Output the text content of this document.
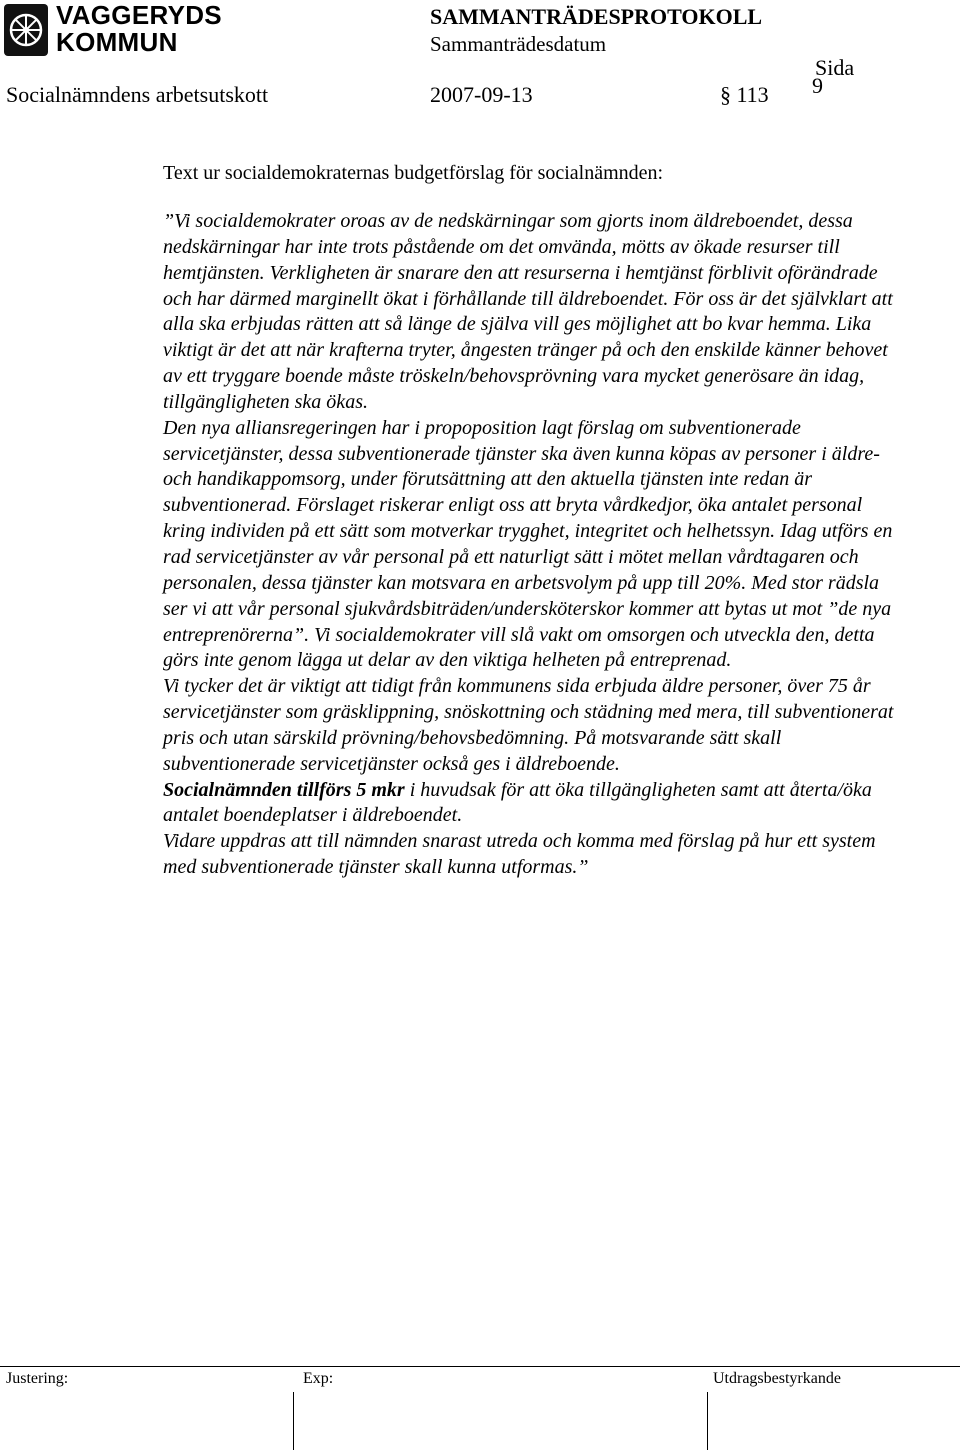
VAGGERYDS
KOMMUN
SAMMANTRÄDESPROTOKOLL
Sammanträdesdatum
Sida
9
Socialnämndens arbetsutskott	2007-09-13	§ 113
Text ur socialdemokraternas budgetförslag för socialnämnden:

”Vi socialdemokrater oroas av de nedskärningar som gjorts inom äldreboendet, dessa nedskärningar har inte trots påstående om det omvända, mötts av ökade resurser till hemtjänsten. Verkligheten är snarare den att resurserna i hemtjänst förblivit oförändrade och har därmed marginellt ökat i förhållande till äldreboendet. För oss är det självklart att alla ska erbjudas rätten att så länge de själva vill ges möjlighet att bo kvar hemma. Lika viktigt är det att när krafterna tryter, ångesten tränger på och den enskilde känner behovet av ett tryggare boende måste tröskeln/behovsprövning vara mycket generösare än idag, tillgängligheten ska ökas.

Den nya alliansregeringen har i propoposition lagt förslag om subventionerade servicetjänster, dessa subventionerade tjänster ska även kunna köpas av personer i äldre- och handikappomsorg, under förutsättning att den aktuella tjänsten inte redan är subventionerad. Förslaget riskerar enligt oss att bryta vårdkedjor, öka antalet personal kring individen på ett sätt som motverkar trygghet, integritet och helhetssyn. Idag utförs en rad servicetjänster av vår personal på ett naturligt sätt i mötet mellan vårdtagaren och personalen, dessa tjänster kan motsvara en arbetsvolym på upp till 20%. Med stor rädsla ser vi att vår personal sjukvårdsbiträden/undersköterskor kommer att bytas ut mot ”de nya entreprenörerna”. Vi socialdemokrater vill slå vakt om omsorgen och utveckla den, detta görs inte genom lägga ut delar av den viktiga helheten på entreprenad.

Vi tycker det är viktigt att tidigt från kommunens sida erbjuda äldre personer, över 75 år servicetjänster som gräsklippning, snöskottning och städning med mera, till subventionerat pris och utan särskild prövning/behovsbedömning. På motsvarande sätt skall subventionerade servicetjänster också ges i äldreboende.

Socialnämnden tillförs 5 mkr i huvudsak för att öka tillgängligheten samt att återta/öka antalet boendeplatser i äldreboendet.

Vidare uppdras att till nämnden snarast utreda och komma med förslag på hur ett system med subventionerade tjänster skall kunna utformas.”

Justering:	Exp:	Utdragsbestyrkande
